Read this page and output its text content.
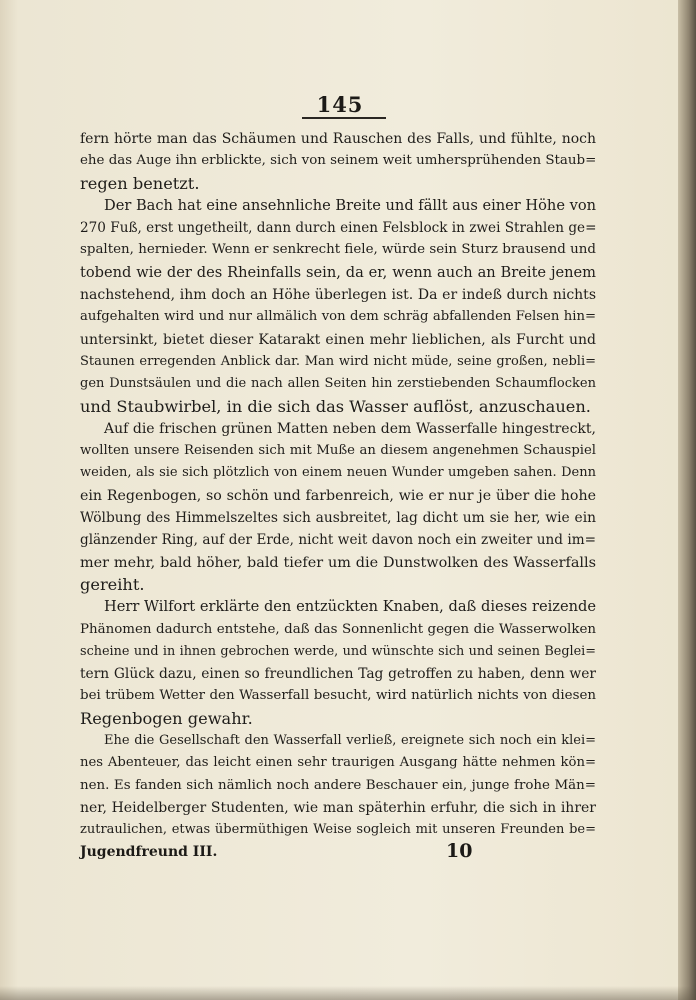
145
fern hörte man das Schäumen und Rauschen des Falls, und fühlte, noch
ehe das Auge ihn erblickte, sich von seinem weit umhersprühenden Staub=
regen benetzt.
Der Bach hat eine ansehnliche Breite und fällt aus einer Höhe von
270 Fuß, erst ungetheilt, dann durch einen Felsblock in zwei Strahlen ge=
spalten, hernieder. Wenn er senkrecht fiele, würde sein Sturz brausend und
tobend wie der des Rheinfalls sein, da er, wenn auch an Breite jenem
nachstehend, ihm doch an Höhe überlegen ist. Da er indeß durch nichts
aufgehalten wird und nur allmälich von dem schräg abfallenden Felsen hin=
untersinkt, bietet dieser Katarakt einen mehr lieblichen, als Furcht und
Staunen erregenden Anblick dar. Man wird nicht müde, seine großen, nebli=
gen Dunstsäulen und die nach allen Seiten hin zerstiebenden Schaumflocken
und Staubwirbel, in die sich das Wasser auflöst, anzuschauen.
Auf die frischen grünen Matten neben dem Wasserfalle hingestreckt,
wollten unsere Reisenden sich mit Muße an diesem angenehmen Schauspiel
weiden, als sie sich plötzlich von einem neuen Wunder umgeben sahen. Denn
ein Regenbogen, so schön und farbenreich, wie er nur je über die hohe
Wölbung des Himmelszeltes sich ausbreitet, lag dicht um sie her, wie ein
glänzender Ring, auf der Erde, nicht weit davon noch ein zweiter und im=
mer mehr, bald höher, bald tiefer um die Dunstwolken des Wasserfalls
gereiht.
Herr Wilfort erklärte den entzückten Knaben, daß dieses reizende
Phänomen dadurch entstehe, daß das Sonnenlicht gegen die Wasserwolken
scheine und in ihnen gebrochen werde, und wünschte sich und seinen Beglei=
tern Glück dazu, einen so freundlichen Tag getroffen zu haben, denn wer
bei trübem Wetter den Wasserfall besucht, wird natürlich nichts von diesen
Regenbogen gewahr.
Ehe die Gesellschaft den Wasserfall verließ, ereignete sich noch ein klei=
nes Abenteuer, das leicht einen sehr traurigen Ausgang hätte nehmen kön=
nen. Es fanden sich nämlich noch andere Beschauer ein, junge frohe Män=
ner, Heidelberger Studenten, wie man späterhin erfuhr, die sich in ihrer
zutraulichen, etwas übermüthigen Weise sogleich mit unseren Freunden be=
Jugendfreund III.	10
